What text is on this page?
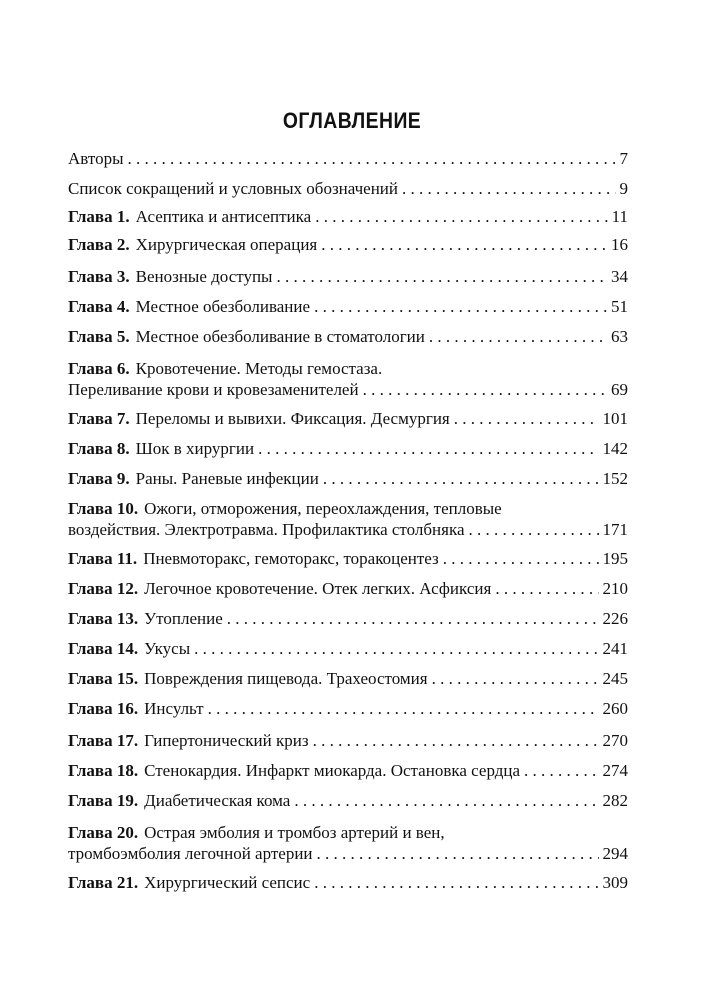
ОГЛАВЛЕНИЕ
Авторы . . .	7
Список сокращений и условных обозначений . . .	9
Глава 1. Асептика и антисептика . . .	11
Глава 2. Хирургическая операция . . .	16
Глава 3. Венозные доступы . . .	34
Глава 4. Местное обезболивание . . .	51
Глава 5. Местное обезболивание в стоматологии . . .	63
Глава 6. Кровотечение. Методы гемостаза.
Переливание крови и кровезаменителей . . .	69
Глава 7. Переломы и вывихи. Фиксация. Десмургия . . .	101
Глава 8. Шок в хирургии . . .	142
Глава 9. Раны. Раневые инфекции . . .	152
Глава 10. Ожоги, отморожения, переохлаждения, тепловые
воздействия. Электротравма. Профилактика столбняка . . .	171
Глава 11. Пневмоторакс, гемоторакс, торакоцентез . . .	195
Глава 12. Легочное кровотечение. Отек легких. Асфиксия . . .	210
Глава 13. Утопление . . .	226
Глава 14. Укусы . . .	241
Глава 15. Повреждения пищевода. Трахеостомия . . .	245
Глава 16. Инсульт . . .	260
Глава 17. Гипертонический криз . . .	270
Глава 18. Стенокардия. Инфаркт миокарда. Остановка сердца . . .	274
Глава 19. Диабетическая кома . . .	282
Глава 20. Острая эмболия и тромбоз артерий и вен,
тромбоэмболия легочной артерии . . .	294
Глава 21. Хирургический сепсис . . .	309
